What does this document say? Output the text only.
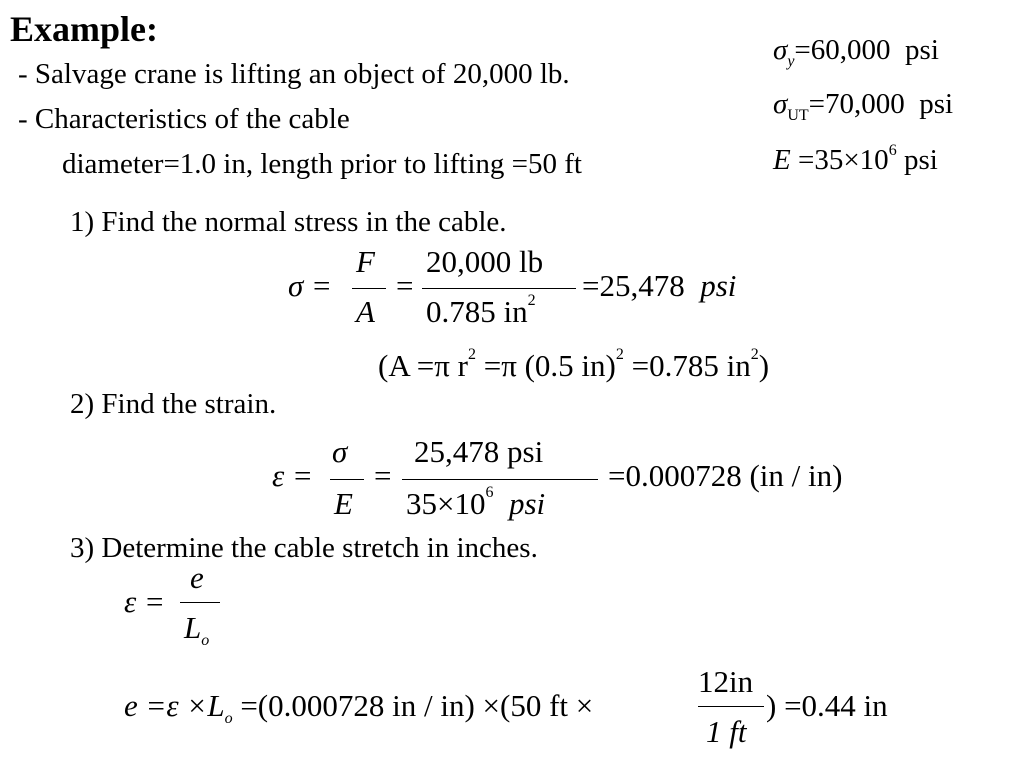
Example:
- Salvage crane is lifting an object of 20,000 lb.
- Characteristics of the cable
diameter=1.0 in, length prior to lifting =50 ft
$\sigma_y=60,000$ psi
$\sigma_{UT}=70,000$ psi
$E =35\times 10^6$ psi
1) Find the normal stress in the cable.
σ =
F
A
=
20,000 lb
0.785 $in^2 =25,478$ psi
(A =π $r^2 =\pi$ (0.5 in)$^2$ =0.785 $in^2$)
2) Find the strain.
ε =
σ
E
=
25,478 psi
$35\times 10^6$ psi
=0.000728 (in / in)
3) Determine the cable stretch in inches.
ε =
e
$L_o$
$e =\varepsilon \times L_o =(0.000728$ in / in) ×(50 ft ×
12in
1 ft
) =0.44 in
